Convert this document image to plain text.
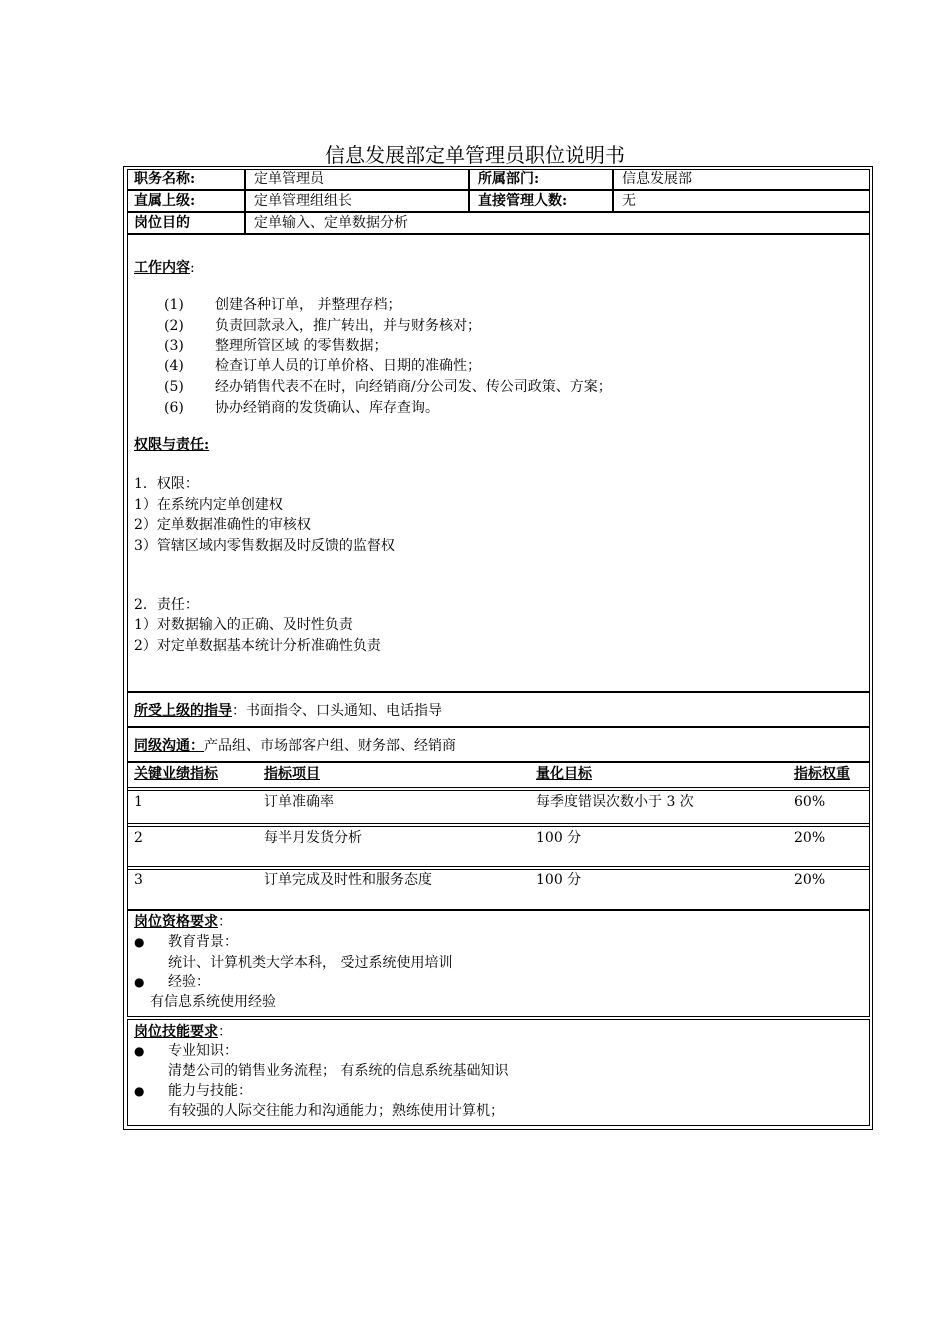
信息发展部定单管理员职位说明书
职务名称:	定单管理员	所属部门:	信息发展部
直属上级:	定单管理组组长	直接管理人数:	无
岗位目的	定单输入、定单数据分析
工作内容:
(1) 创建各种订单， 并整理存档；
(2) 负责回款录入，推广转出，并与财务核对；
(3) 整理所管区域 的零售数据；
(4) 检查订单人员的订单价格、日期的准确性；
(5) 经办销售代表不在时，向经销商/分公司发、传公司政策、方案；
(6) 协办经销商的发货确认、库存查询。
权限与责任:
1．权限：
1）在系统内定单创建权
2）定单数据准确性的审核权
3）管辖区域内零售数据及时反馈的监督权
2．责任：
1）对数据输入的正确、及时性负责
2）对定单数据基本统计分析准确性负责
所受上级的指导：书面指令、口头通知、电话指导
同级沟通：产品组、市场部客户组、财务部、经销商
关键业绩指标	指标项目	量化目标	指标权重
1	订单准确率	每季度错误次数小于 3 次	60%
2	每半月发货分析	100 分	20%
3	订单完成及时性和服务态度	100 分	20%
岗位资格要求：
● 教育背景：
统计、计算机类大学本科， 受过系统使用培训
● 经验：
有信息系统使用经验
岗位技能要求：
● 专业知识：
清楚公司的销售业务流程； 有系统的信息系统基础知识
● 能力与技能：
有较强的人际交往能力和沟通能力；熟练使用计算机；
